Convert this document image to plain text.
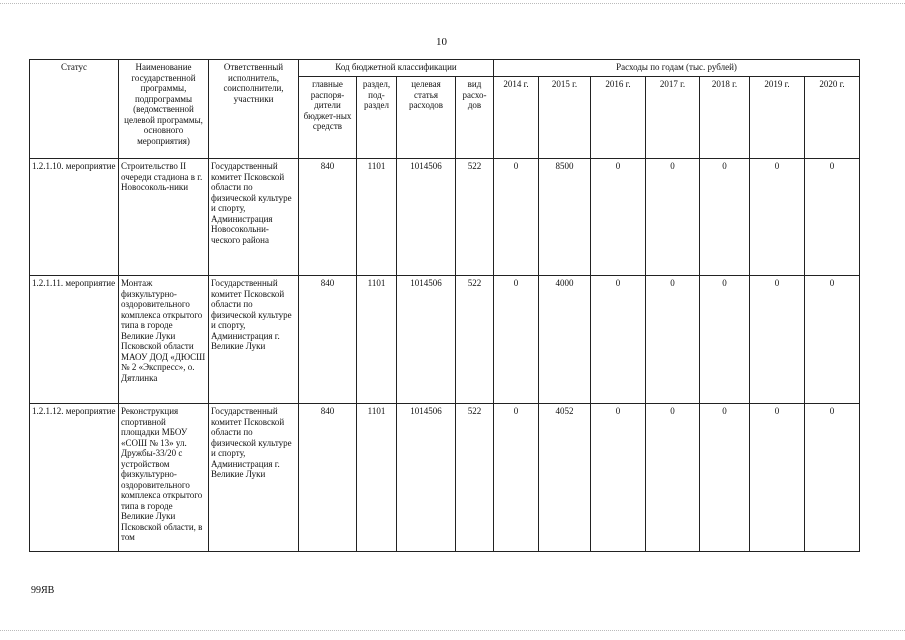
10
Статус	Наименование государственной программы, подпрограммы (ведомственной целевой программы, основного мероприятия)	Ответственный исполнитель, соисполнители, участники	Код бюджетной классификации				Расходы по годам (тыс. рублей)						
			главные распоря-дители бюджет-ных средств	раздел, под-раздел	целевая статья расходов	вид расхо-дов	2014 г.	2015 г.	2016 г.	2017 г.	2018 г.	2019 г.	2020 г.
1.2.1.10. мероприятие	Строительство II очереди стадиона в г. Новосоколь-ники	Государственный комитет Псковской области по физической культуре и спорту, Администрация Новосокольни-ческого района	840	1101	1014506	522	0	8500	0	0	0	0	0
1.2.1.11. мероприятие	Монтаж физкультурно-оздоровительного комплекса открытого типа в городе Великие Луки Псковской области МАОУ ДОД «ДЮСШ № 2 «Экспресс», о. Дятлинка	Государственный комитет Псковской области по физической культуре и спорту, Администрация г. Великие Луки	840	1101	1014506	522	0	4000	0	0	0	0	0
1.2.1.12. мероприятие	Реконструкция спортивной площадки МБОУ «СОШ № 13» ул. Дружбы-33/20 с устройством физкультурно-оздоровительного комплекса открытого типа в городе Великие Луки Псковской области, в том	Государственный комитет Псковской области по физической культуре и спорту, Администрация г. Великие Луки	840	1101	1014506	522	0	4052	0	0	0	0	0
99ЯВ
